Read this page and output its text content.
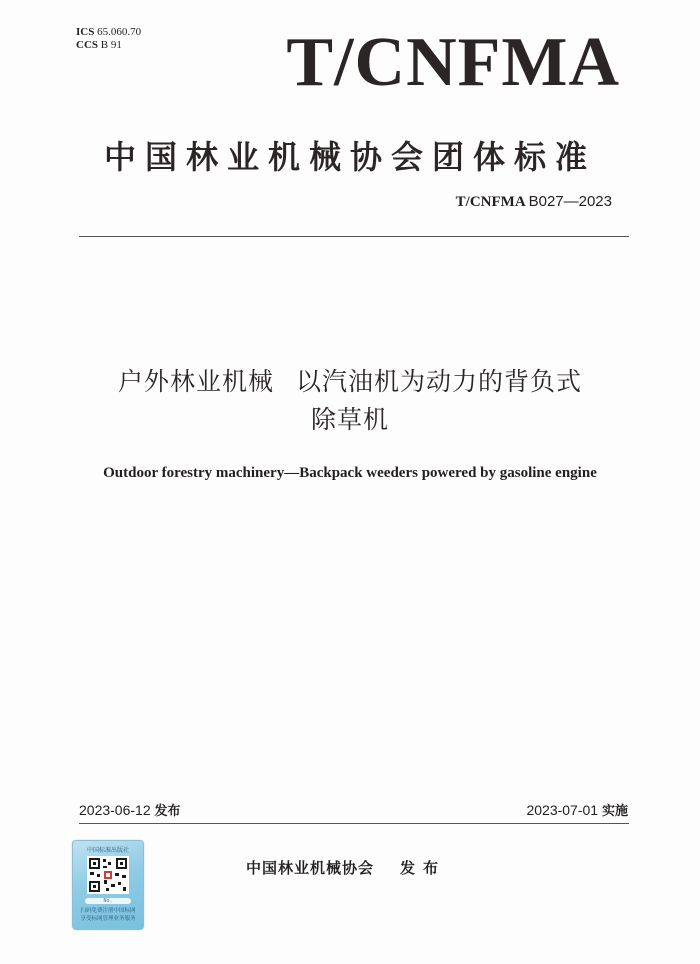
ICS 65.060.70
CCS B 91 T/CNFMA
中国林业机械协会团体标准
T/CNFMA B027—2023
户外林业机械 以汽油机为动力的背负式
除草机
Outdoor forestry machinery—Backpack weeders powered by gasoline engine
2023-06-12 发布	2023-07-01 实施
中国标准出版社
No.
扫码免费注册中国标网
享受标网管理业务服务
中国林业机械协会 发布
